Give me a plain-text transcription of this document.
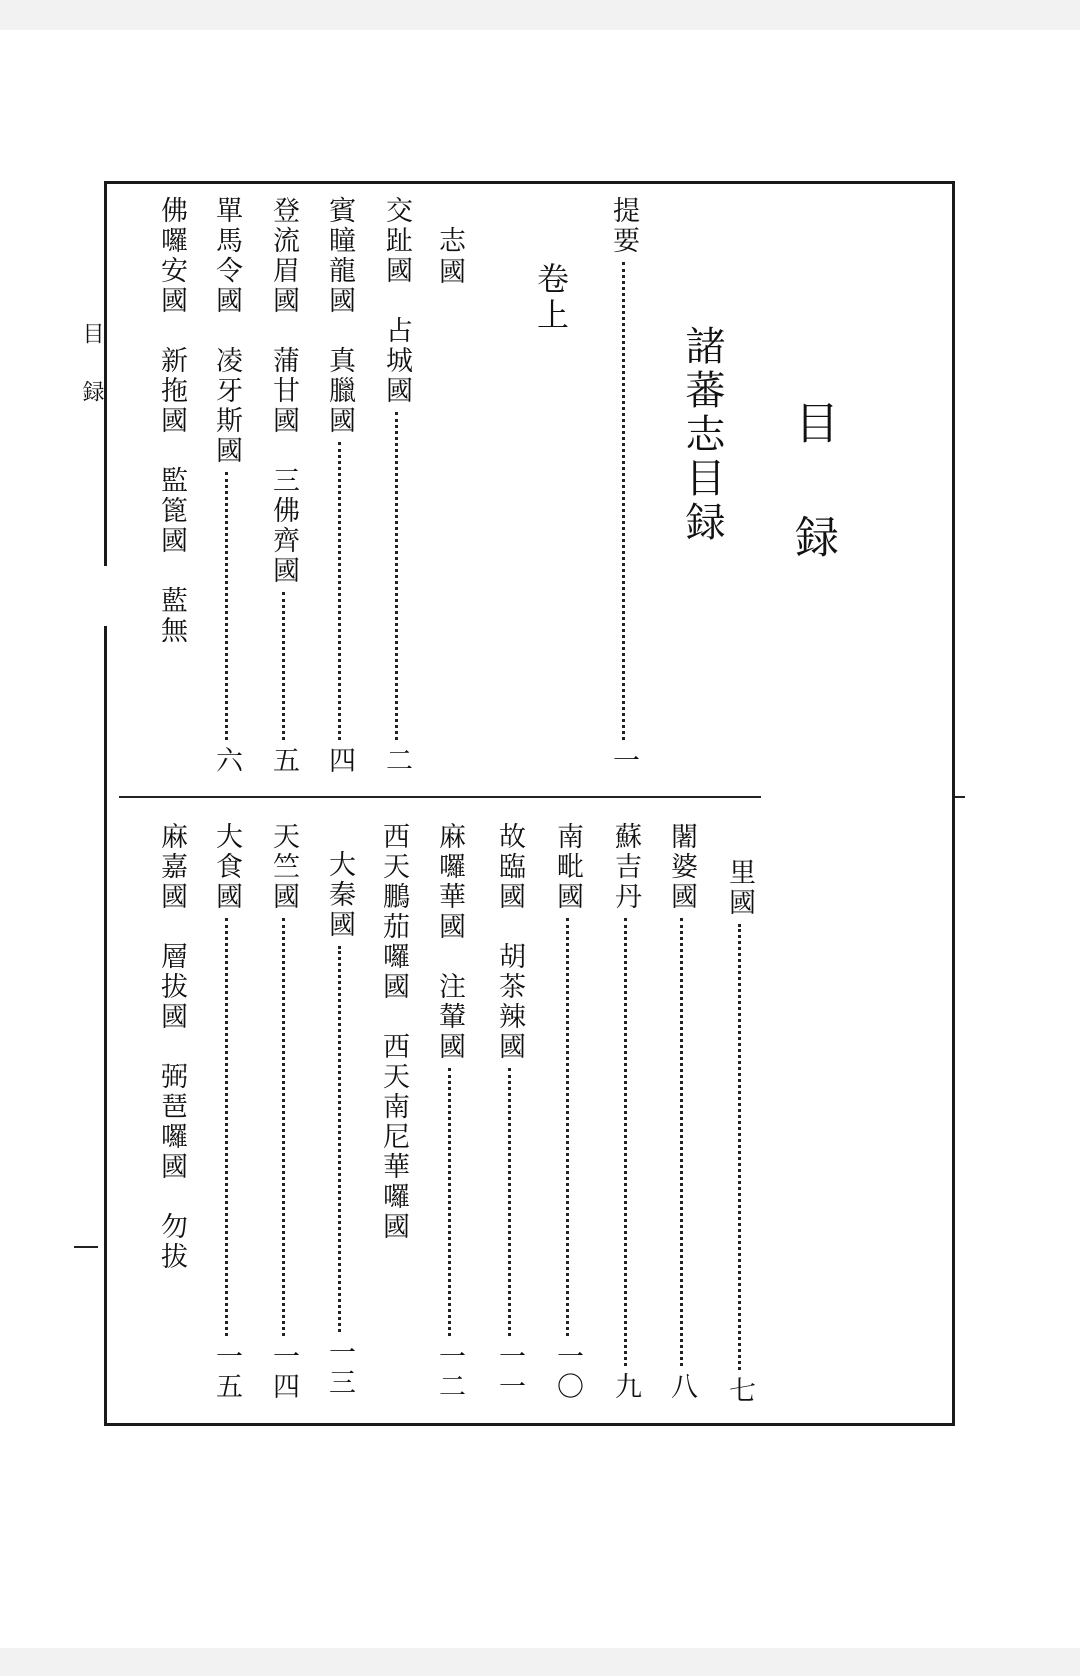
目録
目録
諸蕃志目録
卷上
志國	提要
一
交趾國　占城國
二
賓瞳龍國　真臘國
四
登流眉國　蒲甘國　三佛齊國
五
單馬令國　凌牙斯國
六
佛囉安國　新拖國　監篦國　藍無
里國
七
闍婆國
八
蘇吉丹
九
南毗國
一〇
故臨國　胡茶辣國
一一
麻囉華國　注輦國
一二
西天鵬茄囉國　西天南尼華囉國
大秦國
一三
天竺國
一四
大食國
一五
麻嘉國　層拔國　弼琶囉國　勿拔
